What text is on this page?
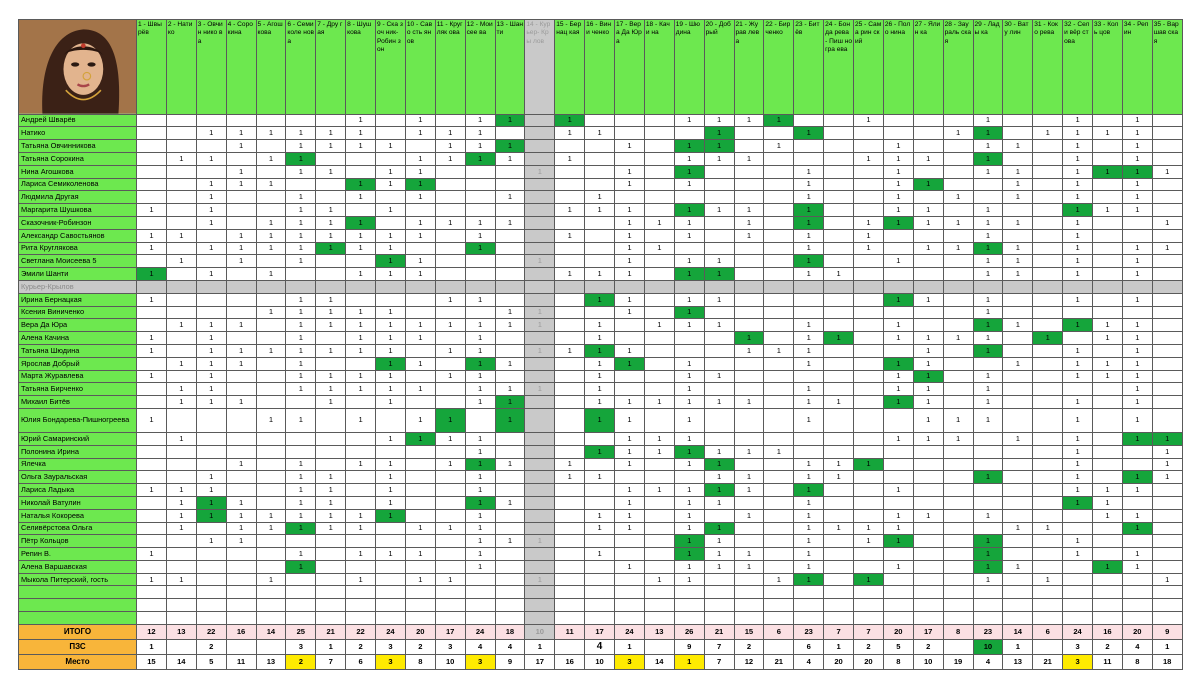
	1 - Швы рёв	2 - Нати ко	3 - Овчин нико ва	4 - Соро кина	5 - Агош кова	6 - Семи коле нова	7 - Дру гая	8 - Шуш кова	9 - Ска зоч ник- Робин зон	10 - Саво сть ян ов	11 - Круг ляк ова	12 - Мои сее ва	13 - Шанти	14 - Кур ьер- Кры лов	15 - Бер нац кая	16 - Вини ченко	17 - Вера Да Юра	18 - Качи на	19 - Шю дина	20 - Доб рый	21 - Жу рав лева	22 - Бир ченко	23 - Битёв	24 - Бонда рева - Пиш ногра ева	25 - Сама рин ский	26 - Поло нина	27 - Ялин ка	28 - Зау раль ская	29 - Лады ка	30 - Вату лин	31 - Коко рева	32 - Сели вёр стова	33 - Коль цов	34 - Репин	35 - Вар шав ская
Андрей Шварёв								1		1		1	1		1				1	1	1	1			1				1			1		1	
Натико			1	1	1	1	1	1		1	1	1			1	1				1			1					1	1		1	1	1	1	
Татьяна Овчинникова				1		1	1	1	1		1	1	1				1		1	1		1				1			1	1		1		1	
Татьяна Сорокина		1	1		1	1				1	1	1	1		1				1	1	1				1	1	1		1			1		1	
Нина Агошкова				1		1	1		1	1				1			1		1				1			1			1	1		1	1	1	1
Лариса Семиколенова			1	1	1			1	1	1							1		1				1			1	1			1		1		1	
Людмила Другая			1			1		1		1			1			1							1			1		1		1		1		1	
Маргарита Шушкова	1		1			1	1		1						1	1	1		1	1	1		1			1	1		1			1	1	1	
Сказочник-Робинзон			1		1	1	1	1		1	1	1	1				1	1	1		1		1		1	1	1	1	1	1		1			1
Александр Савостьянов	1	1		1	1	1	1	1	1	1		1			1		1		1		1		1		1				1			1			
Рита Круглякова	1		1	1	1	1	1	1	1			1					1	1					1		1		1	1	1	1		1		1	1
Светлана Моисеева 5		1		1		1			1	1				1			1		1	1			1			1			1	1		1		1	
Эмили Шанти	1		1		1			1	1	1					1	1	1		1	1			1	1					1	1		1		1	
Курьер-Крылов																																			
Ирина Бернацкая	1					1	1				1	1				1	1		1	1						1	1		1			1		1	
Ксения Виниченко					1	1	1	1	1				1	1			1		1										1						
Вера Да Юра		1	1	1		1	1	1	1	1	1	1	1	1		1		1	1	1			1			1			1	1		1	1	1	
Алена Качина	1		1			1		1	1	1		1				1					1		1	1		1	1	1	1		1		1	1	
Татьяна Шюдина	1		1	1	1	1	1	1	1		1	1		1	1	1	1				1	1	1				1		1			1		1	
Ярослав Добрый		1	1	1		1			1	1		1	1			1	1		1				1			1	1			1		1	1	1	
Марта Журавлева	1		1			1	1	1	1		1	1				1			1	1						1	1		1			1	1	1	
Татьяна Бирченко		1	1			1	1	1	1	1		1	1	1		1			1				1			1	1		1					1	
Михаил Битёв		1	1	1			1		1			1	1			1	1	1	1	1	1		1	1		1	1		1			1		1	
Юлия Бондарева-Пишногреева	1				1	1		1		1	1		1			1	1		1				1				1	1	1			1		1	
Юрий Самаринский		1							1	1	1	1					1	1	1							1	1	1		1		1		1	1
Полонина Ирина												1				1	1	1	1	1	1	1										1			1
Ялечка				1		1		1	1		1	1	1		1		1		1	1			1	1	1							1			1
Ольга Зауральская			1			1	1		1			1			1	1				1	1		1	1					1			1		1	1
Лариса Ладыка	1	1	1			1	1		1			1					1	1	1	1	1		1			1						1	1	1	
Николай Ватулин		1	1	1		1	1		1			1	1				1		1	1			1									1	1		
Наталья Кокорева		1	1	1	1	1	1	1	1			1				1	1		1		1		1			1	1		1				1	1	
Селивёрстова Ольга		1		1	1	1	1	1		1	1	1				1	1		1	1			1	1	1	1				1	1			1	
Пётр Кольцов			1	1								1	1	1					1	1			1		1	1			1			1			
Репин В.	1					1		1	1	1		1				1			1	1	1		1						1			1		1	
Алена Варшавская						1						1					1		1	1	1		1			1			1	1			1	1	
Мыкола Питерский, гость	1	1			1			1		1	1			1				1	1			1	1		1				1		1				1

ИТОГО	12	13	22	16	14	25	21	22	24	20	17	24	18	10	11	17	24	13	26	21	15	6	23	7	7	20	17	8	23	14	6	24	16	20	9
ПЗС	1		2			3	1	2	3	2	3	4	4	1		4	1		9	7	2		6	1	2	5	2		10	1		3	2	4	1
Место	15	14	5	11	13	2	7	6	3	8	10	3	9	17	16	10	3	14	1	7	12	21	4	20	20	8	10	19	4	13	21	3	11	8	18
